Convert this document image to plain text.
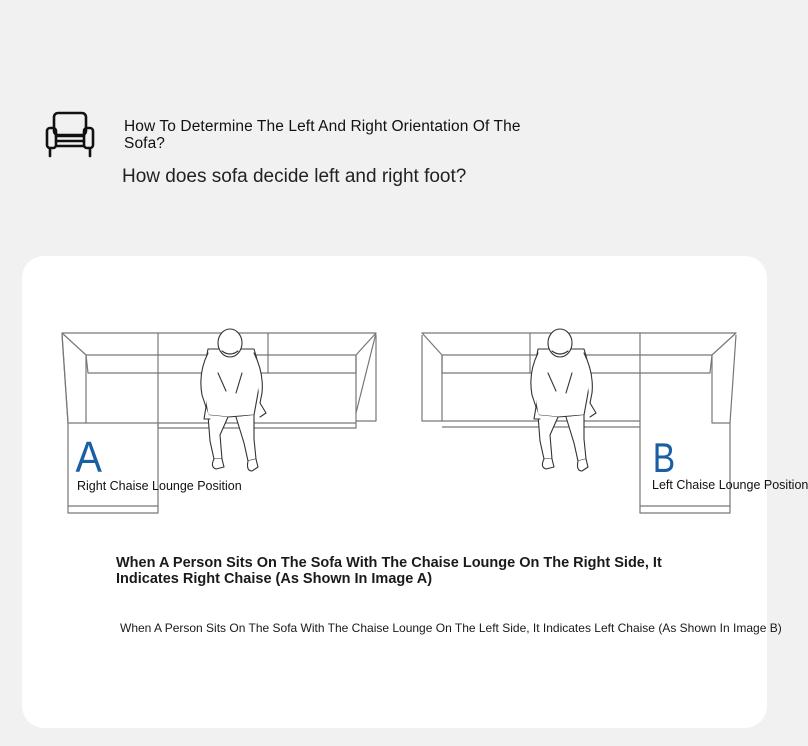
How To Determine The Left And Right Orientation Of The Sofa?
How does sofa decide left and right foot?
A
Right Chaise Lounge Position
B
Left Chaise Lounge Position
When A Person Sits On The Sofa With The Chaise Lounge On The Right Side, It Indicates Right Chaise (As Shown In Image A)
When A Person Sits On The Sofa With The Chaise Lounge On The Left Side, It Indicates Left Chaise (As Shown In Image B)
